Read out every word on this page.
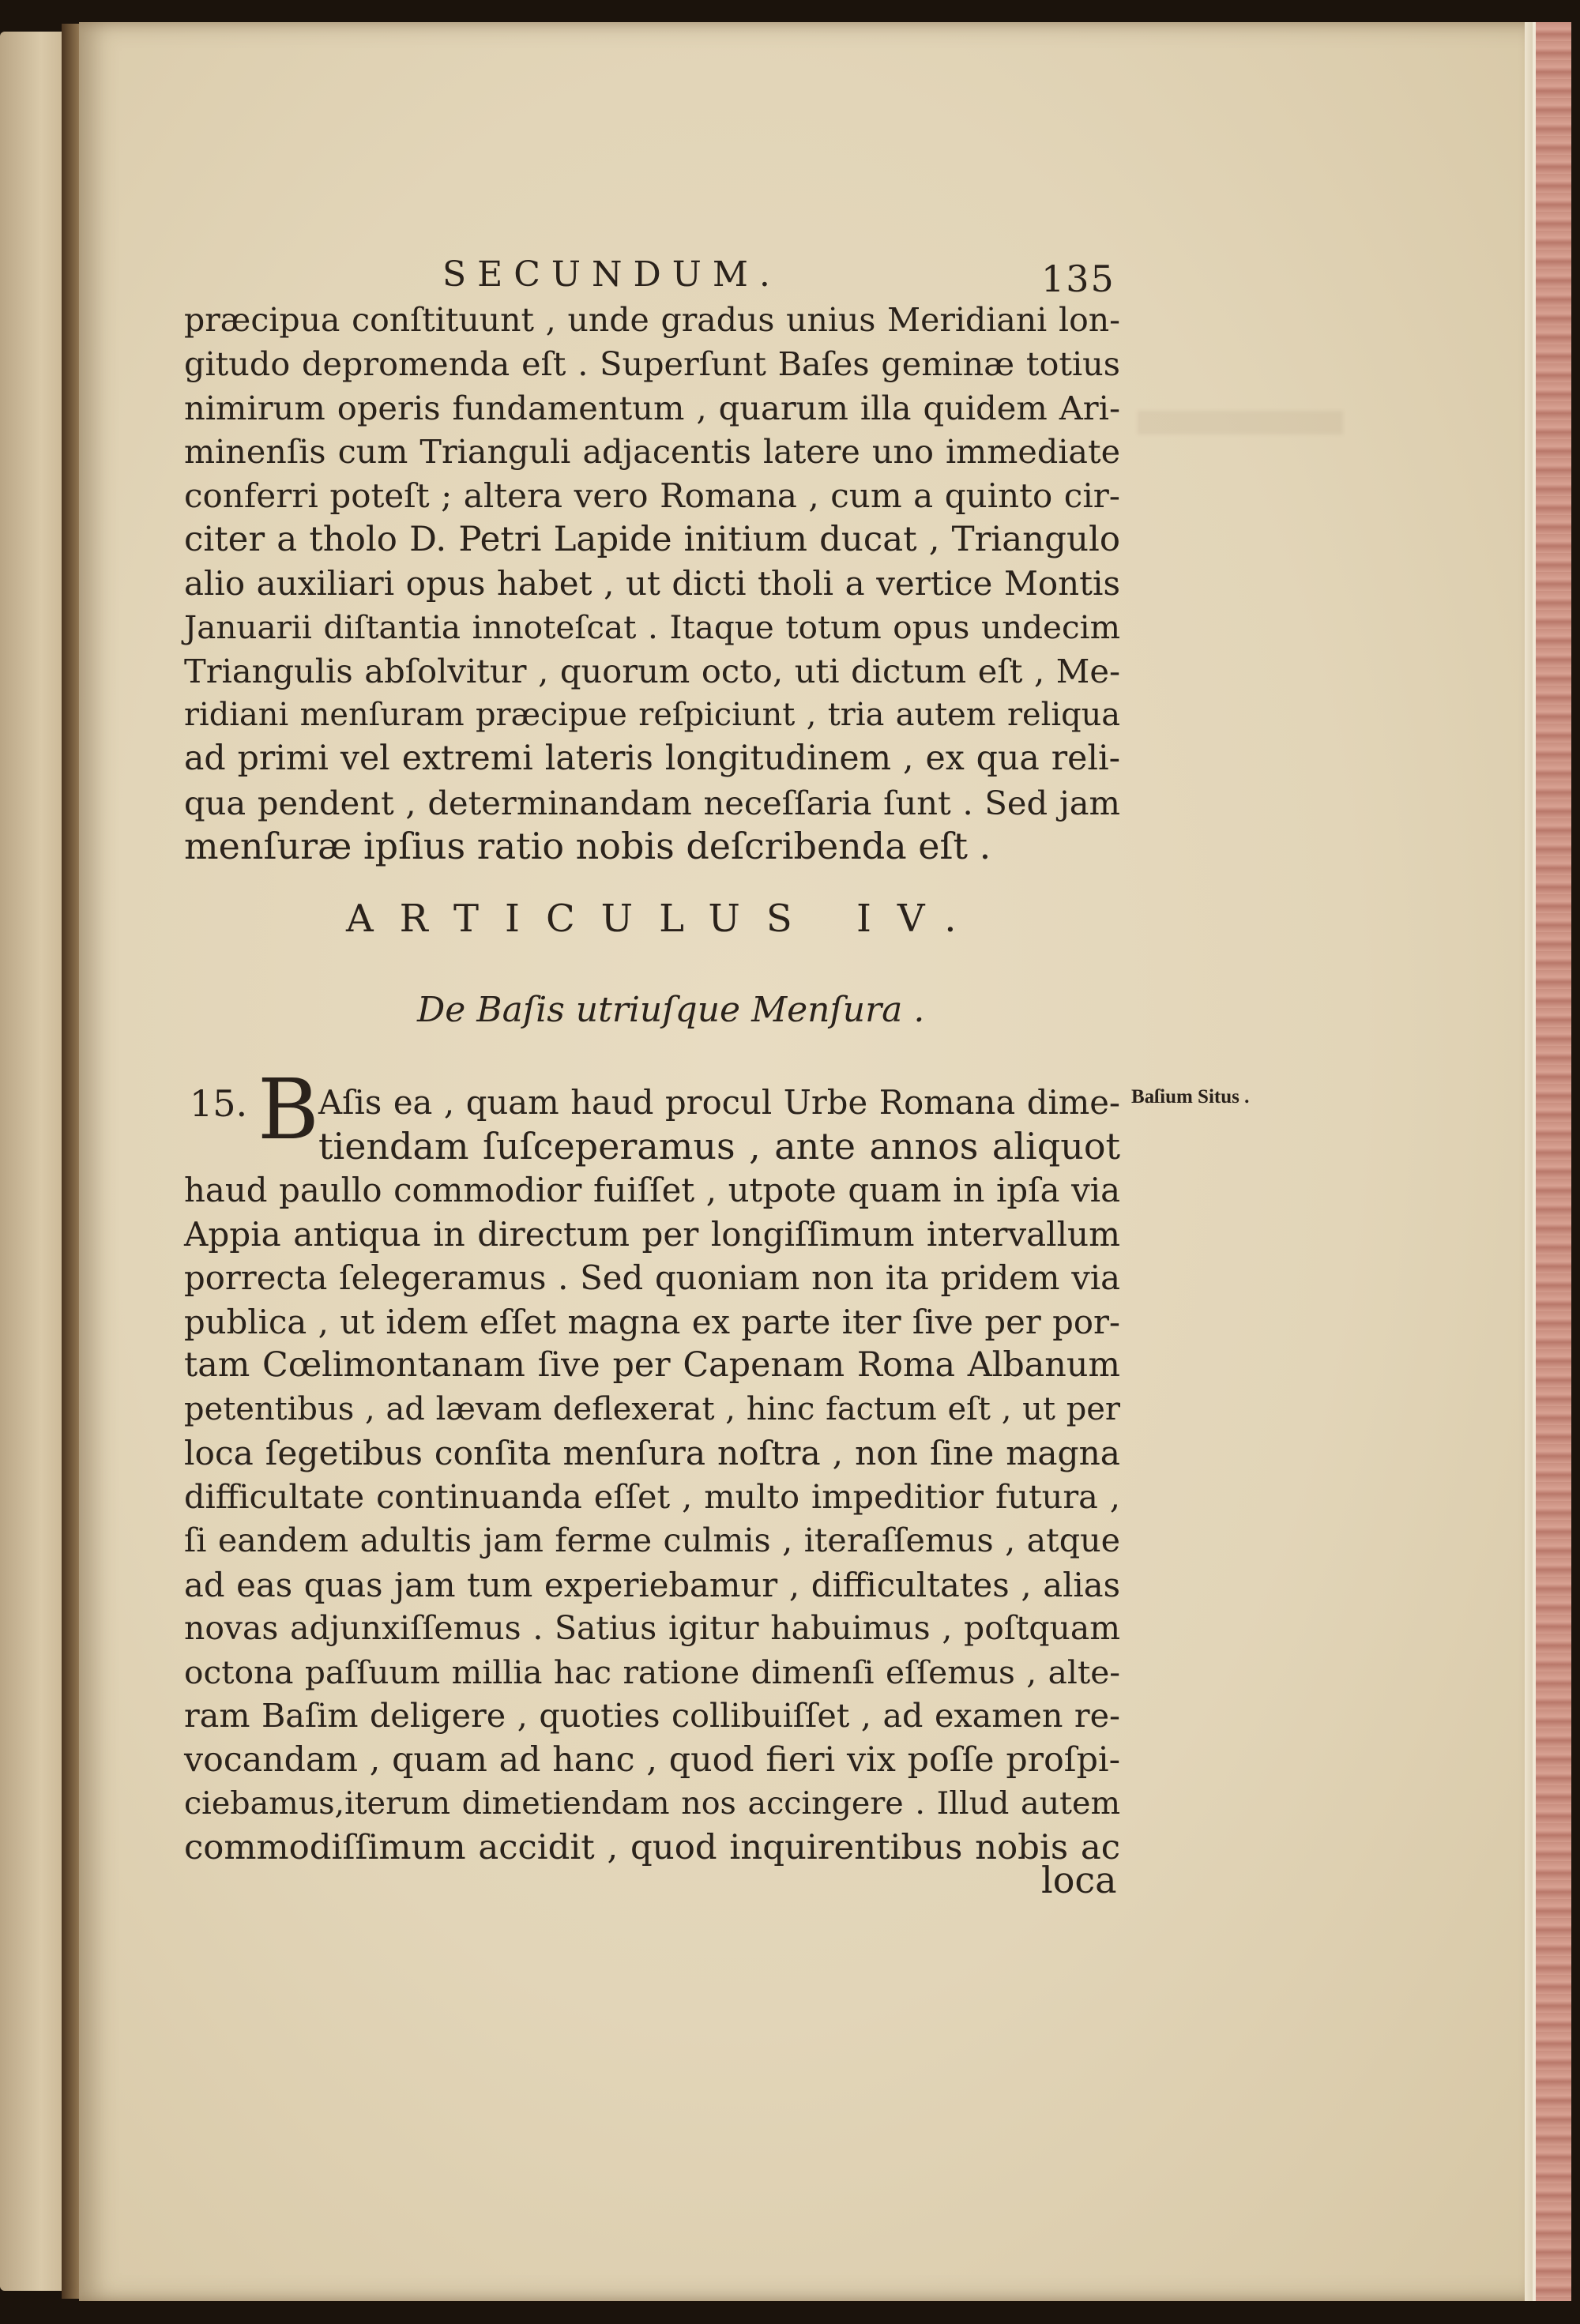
SECUNDUM.	135
præcipua conſtituunt , unde gradus unius Meridiani lon-
gitudo depromenda eſt . Superſunt Baſes geminæ totius
nimirum operis fundamentum , quarum illa quidem Ari-
minenſis cum Trianguli adjacentis latere uno immediate
conferri poteſt ; altera vero Romana , cum a quinto cir-
citer a tholo D. Petri Lapide initium ducat , Triangulo
alio auxiliari opus habet , ut dicti tholi a vertice Montis
Januarii diſtantia innoteſcat . Itaque totum opus undecim
Triangulis abſolvitur , quorum octo, uti dictum eſt , Me-
ridiani menſuram præcipue reſpiciunt , tria autem reliqua
ad primi vel extremi lateris longitudinem , ex qua reli-
qua pendent , determinandam neceſſaria ſunt . Sed jam
menſuræ ipſius ratio nobis deſcribenda eſt .
ARTICULUS IV.
De Baſis utriuſque Menſura .
15. B	Baſium Situs .
Aſis ea , quam haud procul Urbe Romana dime-
tiendam ſuſceperamus , ante annos aliquot
haud paullo commodior fuiſſet , utpote quam in ipſa via
Appia antiqua in directum per longiſſimum intervallum
porrecta ſelegeramus . Sed quoniam non ita pridem via
publica , ut idem eſſet magna ex parte iter ſive per por-
tam Cœlimontanam ſive per Capenam Roma Albanum
petentibus , ad lævam deflexerat , hinc factum eſt , ut per
loca ſegetibus conſita menſura noſtra , non ſine magna
difficultate continuanda eſſet , multo impeditior futura ,
ſi eandem adultis jam ferme culmis , iteraſſemus , atque
ad eas quas jam tum experiebamur , difficultates , alias
novas adjunxiſſemus . Satius igitur habuimus , poſtquam
octona paſſuum millia hac ratione dimenſi eſſemus , alte-
ram Baſim deligere , quoties collibuiſſet , ad examen re-
vocandam , quam ad hanc , quod fieri vix poſſe proſpi-
ciebamus,iterum dimetiendam nos accingere . Illud autem
commodiſſimum accidit , quod inquirentibus nobis ac
loca
